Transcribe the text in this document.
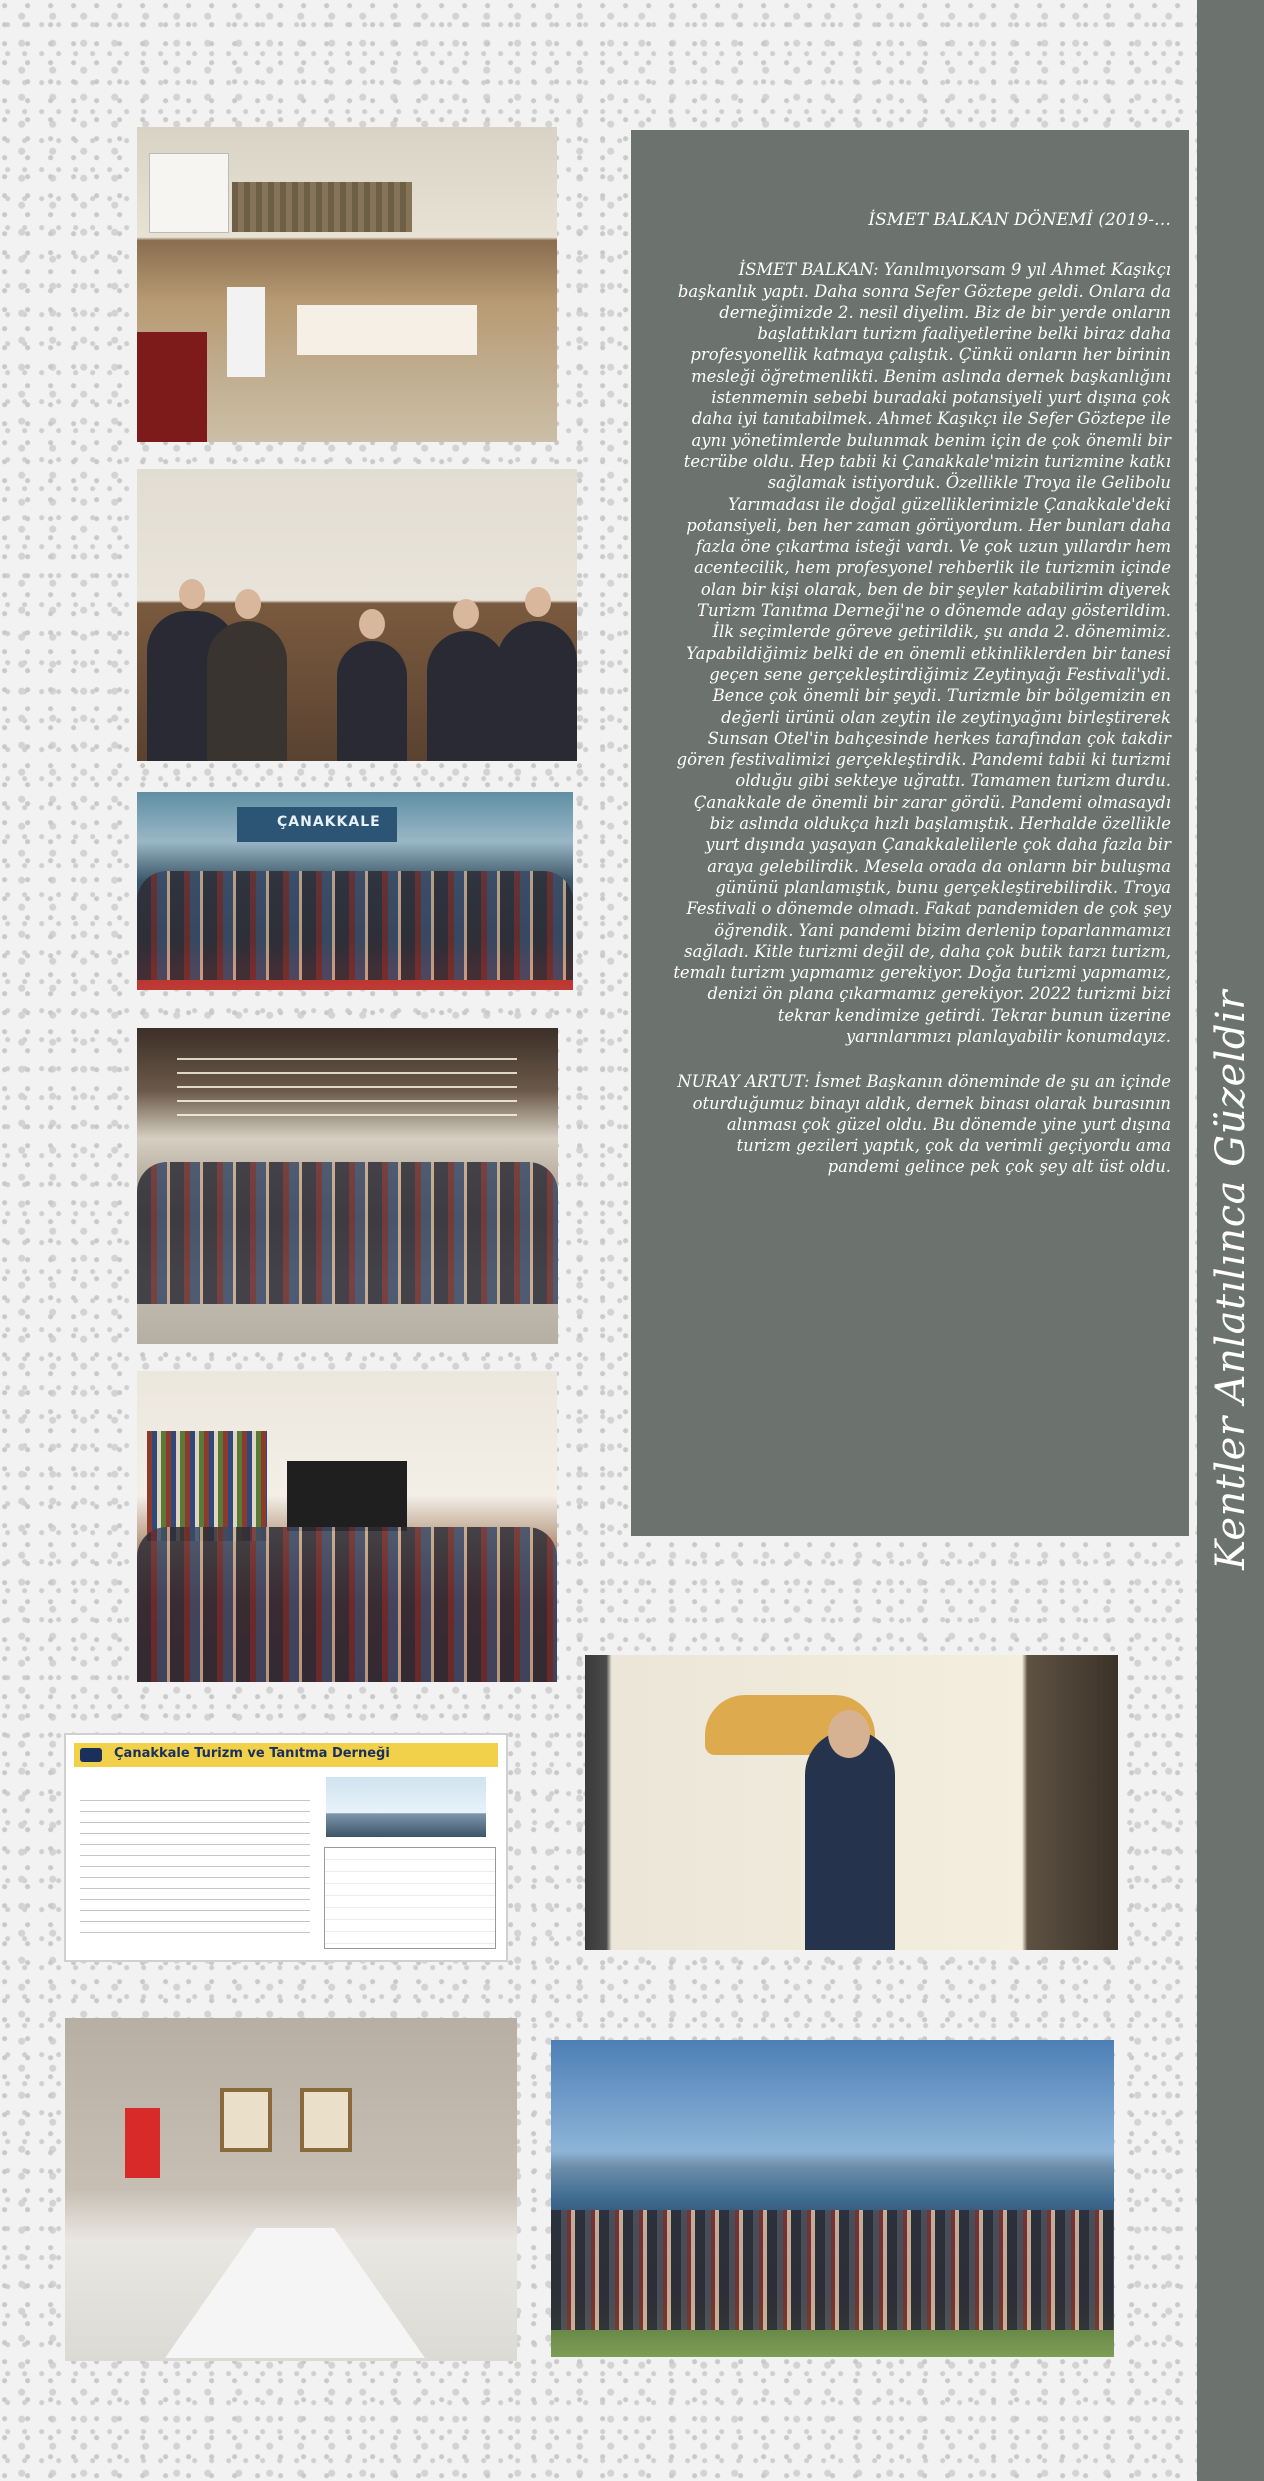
Kentler Anlatılınca Güzeldir

İSMET BALKAN DÖNEMİ (2019-…

İSMET BALKAN: Yanılmıyorsam 9 yıl Ahmet Kaşıkçı başkanlık yaptı. Daha sonra Sefer Göztepe geldi. Onlara da derneğimizde 2. nesil diyelim. Biz de bir yerde onların başlattıkları turizm faaliyetlerine belki biraz daha profesyonellik katmaya çalıştık. Çünkü onların her birinin mesleği öğretmenlikti. Benim aslında dernek başkanlığını istenmemin sebebi buradaki potansiyeli yurt dışına çok daha iyi tanıtabilmek. Ahmet Kaşıkçı ile Sefer Göztepe ile aynı yönetimlerde bulunmak benim için de çok önemli bir tecrübe oldu. Hep tabii ki Çanakkale'mizin turizmine katkı sağlamak istiyorduk. Özellikle Troya ile Gelibolu Yarımadası ile doğal güzelliklerimizle Çanakkale'deki potansiyeli, ben her zaman görüyordum. Her bunları daha fazla öne çıkartma isteği vardı. Ve çok uzun yıllardır hem acentecilik, hem profesyonel rehberlik ile turizmin içinde olan bir kişi olarak, ben de bir şeyler katabilirim diyerek Turizm Tanıtma Derneği'ne o dönemde aday gösterildim. İlk seçimlerde göreve getirildik, şu anda 2. dönemimiz. Yapabildiğimiz belki de en önemli etkinliklerden bir tanesi geçen sene gerçekleştirdiğimiz Zeytinyağı Festivali'ydi. Bence çok önemli bir şeydi. Turizmle bir bölgemizin en değerli ürünü olan zeytin ile zeytinyağını birleştirerek Sunsan Otel'in bahçesinde herkes tarafından çok takdir gören festivalimizi gerçekleştirdik. Pandemi tabii ki turizmi olduğu gibi sekteye uğrattı. Tamamen turizm durdu. Çanakkale de önemli bir zarar gördü. Pandemi olmasaydı biz aslında oldukça hızlı başlamıştık. Herhalde özellikle yurt dışında yaşayan Çanakkalelilerle çok daha fazla bir araya gelebilirdik. Mesela orada da onların bir buluşma gününü planlamıştık, bunu gerçekleştirebilirdik. Troya Festivali o dönemde olmadı. Fakat pandemiden de çok şey öğrendik. Yani pandemi bizim derlenip toparlanmamızı sağladı. Kitle turizmi değil de, daha çok butik tarzı turizm, temalı turizm yapmamız gerekiyor. Doğa turizmi yapmamız, denizi ön plana çıkarmamız gerekiyor. 2022 turizmi bizi tekrar kendimize getirdi. Tekrar bunun üzerine yarınlarımızı planlayabilir konumdayız.

NURAY ARTUT: İsmet Başkanın döneminde de şu an içinde oturduğumuz binayı aldık, dernek binası olarak burasının alınması çok güzel oldu. Bu dönemde yine yurt dışına turizm gezileri yaptık, çok da verimli geçiyordu ama pandemi gelince pek çok şey alt üst oldu.

ÇANAKKALE
Çanakkale Turizm ve Tanıtma Derneği
